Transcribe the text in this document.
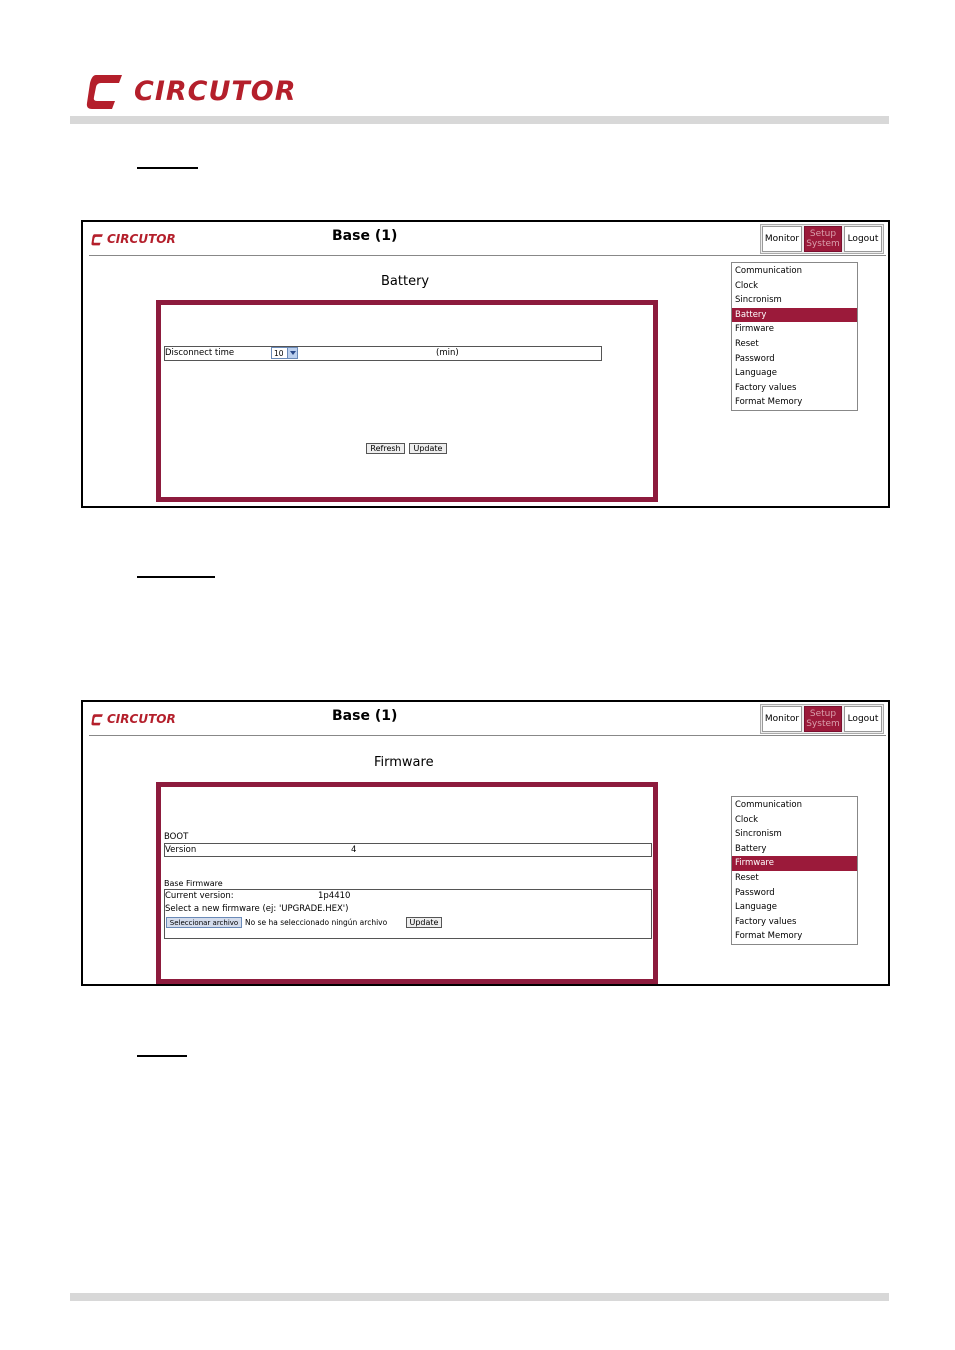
CIRCUTOR
CIRCUTOR	Base (1)	Monitor	Setup System Logout
Battery
Disconnect time	10	(min)
Refresh	Update
Communication
Clock
Sincronism
Battery
Firmware
Reset
Password
Language
Factory values
Format Memory
CIRCUTOR	Base (1)	Monitor	Setup System Logout
Firmware
BOOT
Version	4
Base Firmware
Current version:	1p4410
Select a new firmware (ej: 'UPGRADE.HEX')
Seleccionar archivo No se ha seleccionado ningún archivo	Update
Communication
Clock
Sincronism
Battery
Firmware
Reset
Password
Language
Factory values
Format Memory
